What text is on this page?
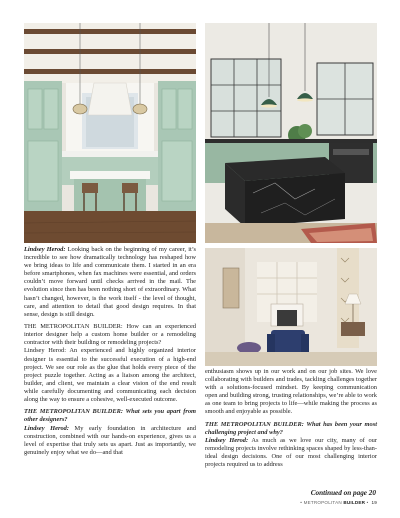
Lindsey Herod: Looking back on the beginning of my career, it’s incredible to see how dramatically technology has reshaped how we bring ideas to life and communicate them. I started in an era before smartphones, when fax machines were essential, and orders couldn’t move forward until checks arrived in the mail. The evolution since then has been nothing short of extraordinary. What hasn’t changed, however, is the work itself - the level of thought, care, and attention to detail that good design requires. In that sense, design is still design.

THE METROPOLITAN BUILDER: How can an experienced interior designer help a custom home builder or a remodeling contractor with their building or remodeling projects?

Lindsey Herod: An experienced and highly organized interior designer is essential to the successful execution of a high-end project. We see our role as the glue that holds every piece of the project puzzle together. Acting as a liaison among the architect, builder, and client, we maintain a clear vision of the end result while carefully documenting and communicating each decision along the way to ensure a cohesive, well-executed outcome.

THE METROPOLITAN BUILDER: What sets you apart from other designers?

Lindsey Herod: My early foundation in architecture and construction, combined with our hands-on experience, gives us a level of expertise that truly sets us apart. Just as importantly, we genuinely enjoy what we do—and that

enthusiasm shows up in our work and on our job sites. We love collaborating with builders and trades, tackling challenges together with a solutions-focused mindset. By keeping communication open and building strong, trusting relationships, we’re able to work as one team to bring projects to life—while making the process as smooth and enjoyable as possible.

THE METROPOLITAN BUILDER: What has been your most challenging project and why?

Lindsey Herod: As much as we love our city, many of our remodeling projects involve rethinking spaces shaped by less-than-ideal design decisions. One of our most challenging interior projects required us to address

Continued on page 20
• METROPOLITAN BUILDER • 19
